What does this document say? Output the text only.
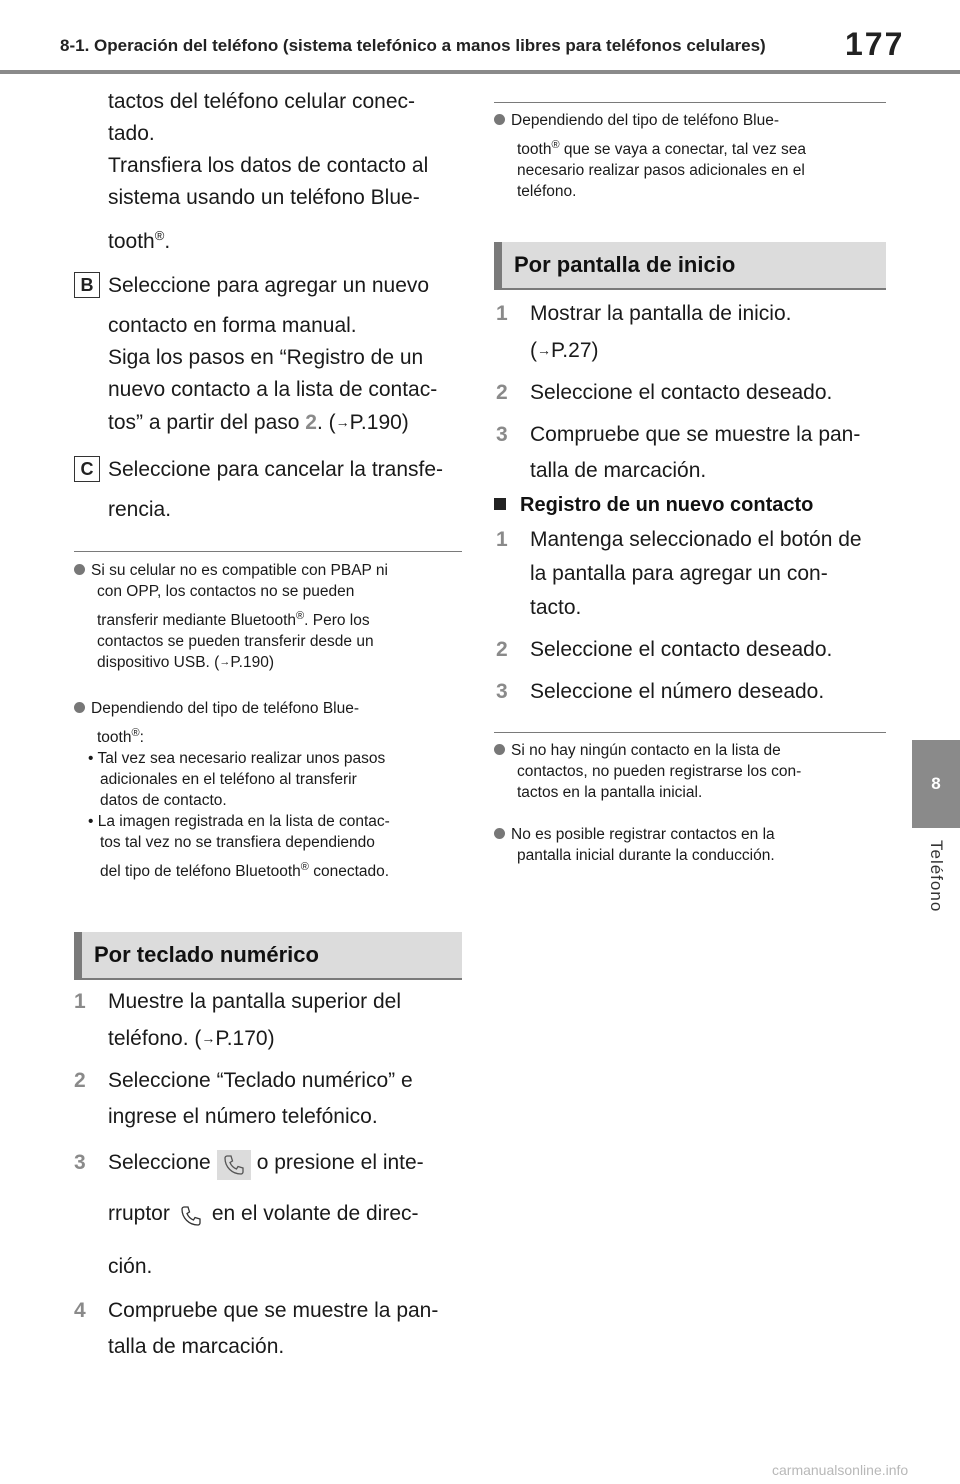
8-1. Operación del teléfono (sistema telefónico a manos libres para teléfonos celulares) 177
8
Teléfono
tactos del teléfono celular conec-
tado.
Transfiera los datos de contacto al
sistema usando un teléfono Blue-
tooth®.
B Seleccione para agregar un nuevo
contacto en forma manual.
Siga los pasos en “Registro de un
nuevo contacto a la lista de contac-
tos” a partir del paso 2. (→P.190)
C Seleccione para cancelar la transfe-
rencia.
Si su celular no es compatible con PBAP ni
con OPP, los contactos no se pueden
transferir mediante Bluetooth®. Pero los
contactos se pueden transferir desde un
dispositivo USB. (→P.190)
Dependiendo del tipo de teléfono Blue-
tooth®:
• Tal vez sea necesario realizar unos pasos
adicionales en el teléfono al transferir
datos de contacto.
• La imagen registrada en la lista de contac-
tos tal vez no se transfiera dependiendo
del tipo de teléfono Bluetooth® conectado.
Por teclado numérico
1 Muestre la pantalla superior del
teléfono. (→P.170)
2 Seleccione “Teclado numérico” e
ingrese el número telefónico.
3 Seleccione o presione el inte-
rruptor en el volante de direc-
ción.
4 Compruebe que se muestre la pan-
talla de marcación.
Dependiendo del tipo de teléfono Blue-
tooth® que se vaya a conectar, tal vez sea
necesario realizar pasos adicionales en el
teléfono.
Por pantalla de inicio
1 Mostrar la pantalla de inicio.
(→P.27)
2 Seleccione el contacto deseado.
3 Compruebe que se muestre la pan-
talla de marcación.
Registro de un nuevo contacto
1 Mantenga seleccionado el botón de
la pantalla para agregar un con-
tacto.
2 Seleccione el contacto deseado.
3 Seleccione el número deseado.
Si no hay ningún contacto en la lista de
contactos, no pueden registrarse los con-
tactos en la pantalla inicial.
No es posible registrar contactos en la
pantalla inicial durante la conducción.
carmanualsonline.info
